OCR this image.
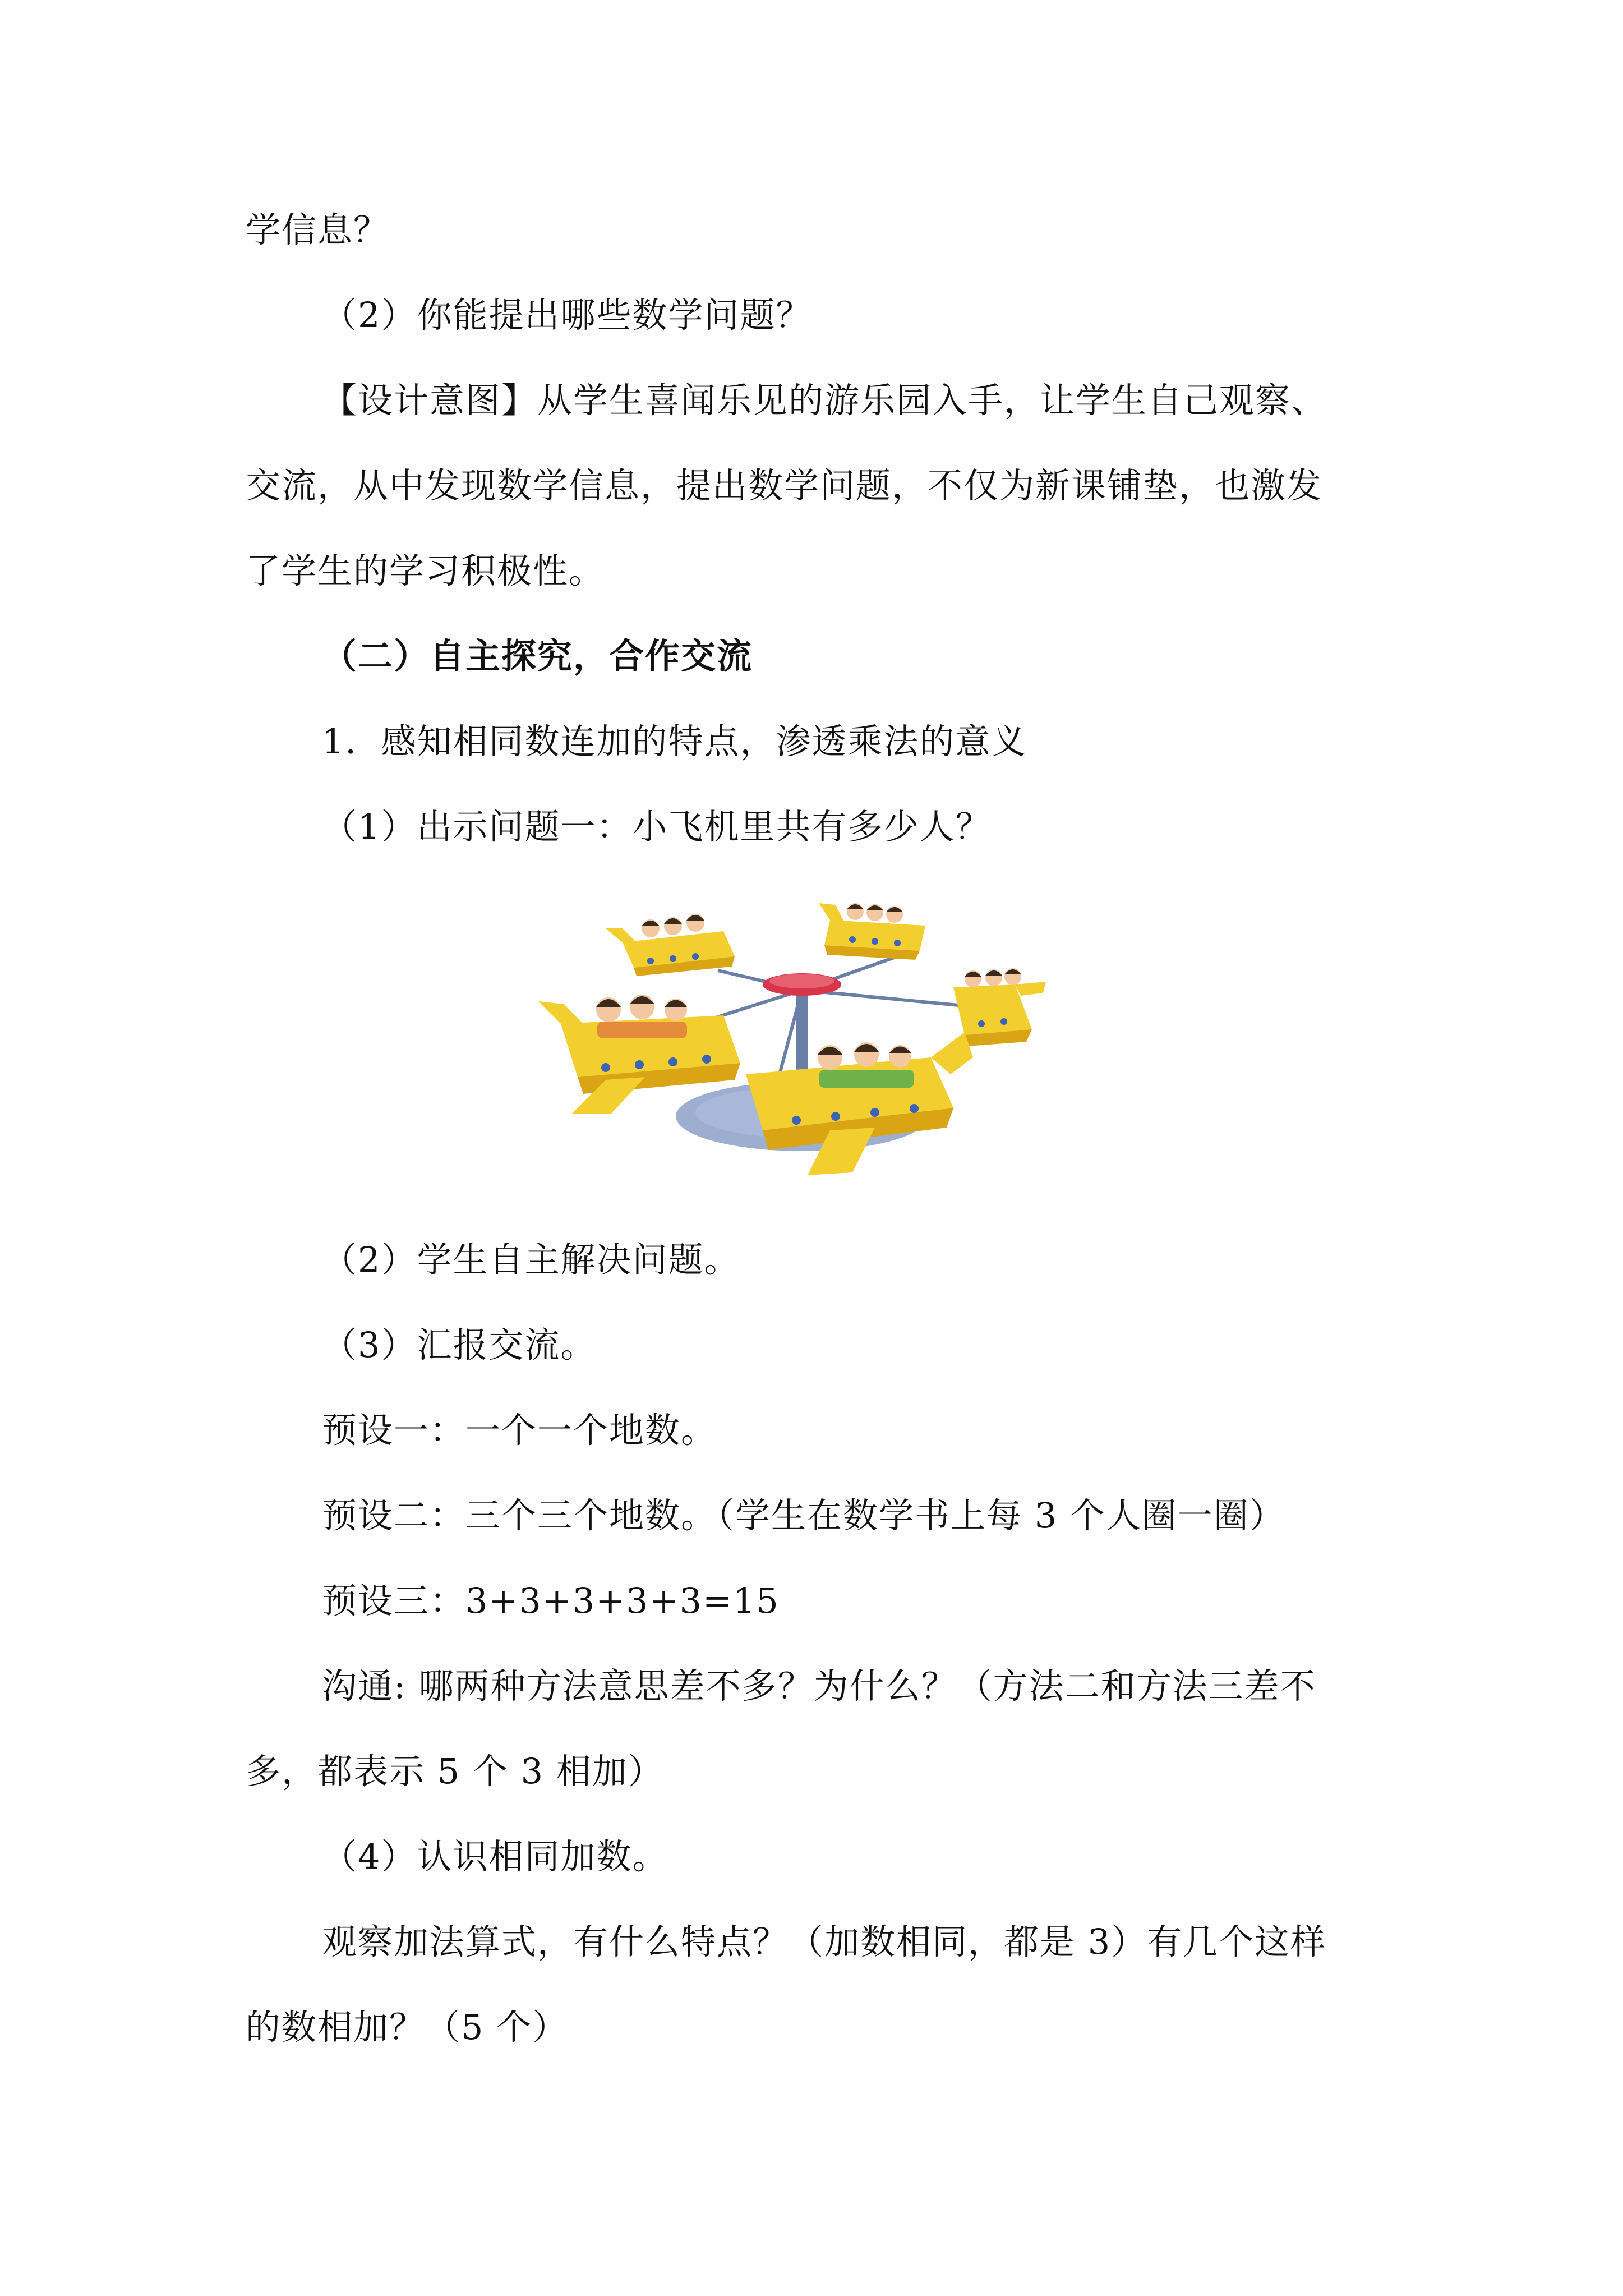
学信息？
（2）你能提出哪些数学问题？
【设计意图】从学生喜闻乐见的游乐园入手，让学生自己观察、
交流，从中发现数学信息，提出数学问题，不仅为新课铺垫，也激发
了学生的学习积极性。
（二）自主探究，合作交流
1．感知相同数连加的特点，渗透乘法的意义
（1）出示问题一：小飞机里共有多少人？
（2）学生自主解决问题。
（3）汇报交流。
预设一：一个一个地数。
预设二：三个三个地数。（学生在数学书上每 3 个人圈一圈）
预设三：3+3+3+3+3=15
沟通: 哪两种方法意思差不多？为什么？（方法二和方法三差不
多，都表示 5 个 3 相加）
（4）认识相同加数。
观察加法算式，有什么特点？（加数相同，都是 3）有几个这样
的数相加？（5 个）
